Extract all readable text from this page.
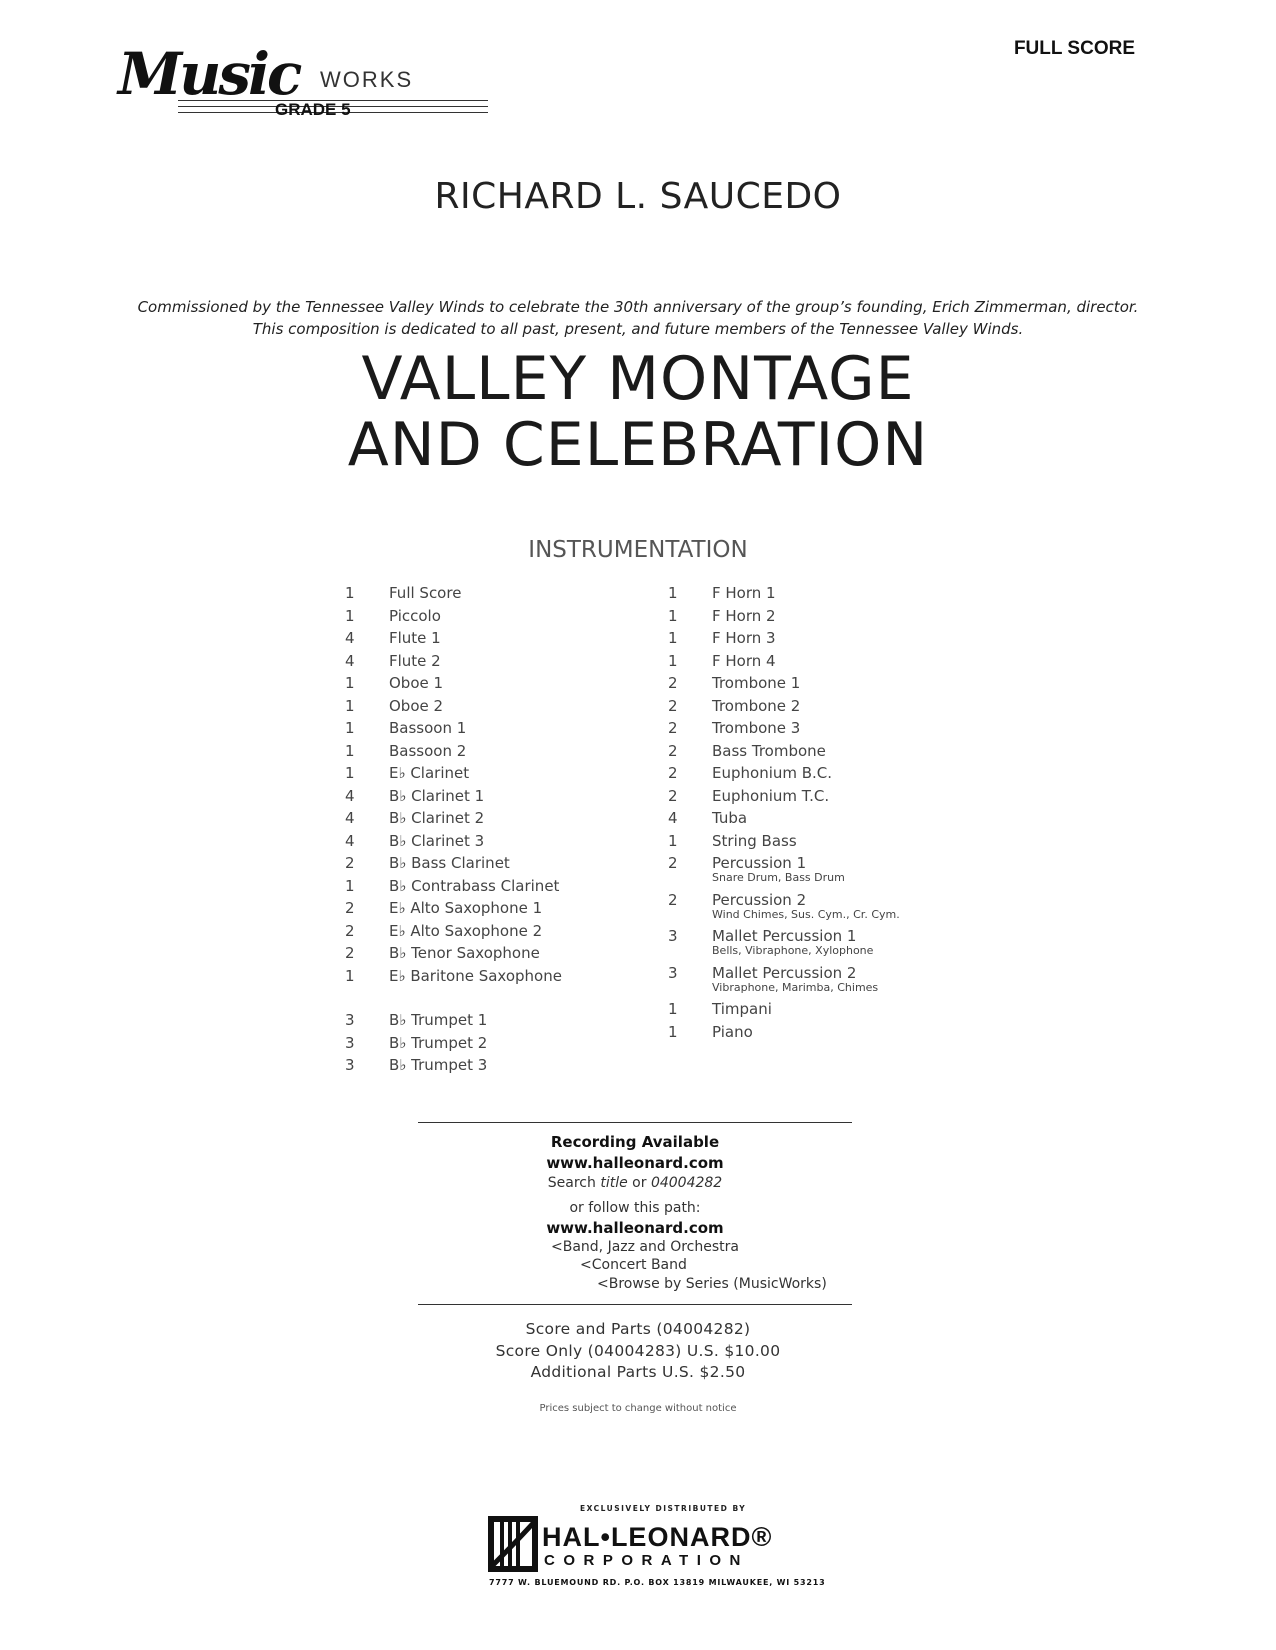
Music WORKS
GRADE 5
FULL SCORE
RICHARD L. SAUCEDO
Commissioned by the Tennessee Valley Winds to celebrate the 30th anniversary of the group’s founding, Erich Zimmerman, director.
This composition is dedicated to all past, present, and future members of the Tennessee Valley Winds.
VALLEY MONTAGE
AND CELEBRATION
INSTRUMENTATION
1	Full Score
1	Piccolo
4	Flute 1
4	Flute 2
1	Oboe 1
1	Oboe 2
1	Bassoon 1
1	Bassoon 2
1	E♭ Clarinet
4	B♭ Clarinet 1
4	B♭ Clarinet 2
4	B♭ Clarinet 3
2	B♭ Bass Clarinet
1	B♭ Contrabass Clarinet
2	E♭ Alto Saxophone 1
2	E♭ Alto Saxophone 2
2	B♭ Tenor Saxophone
1	E♭ Baritone Saxophone
3	B♭ Trumpet 1
3	B♭ Trumpet 2
3	B♭ Trumpet 3
1	F Horn 1
1	F Horn 2
1	F Horn 3
1	F Horn 4
2	Trombone 1
2	Trombone 2
2	Trombone 3
2	Bass Trombone
2	Euphonium B.C.
2	Euphonium T.C.
4	Tuba
1	String Bass
2	Percussion 1
Snare Drum, Bass Drum
2	Percussion 2
Wind Chimes, Sus. Cym., Cr. Cym.
3	Mallet Percussion 1
Bells, Vibraphone, Xylophone
3	Mallet Percussion 2
Vibraphone, Marimba, Chimes
1	Timpani
1	Piano
Recording Available
www.halleonard.com
Search title or 04004282
or follow this path:
www.halleonard.com
<Band, Jazz and Orchestra
<Concert Band
<Browse by Series (MusicWorks)
Score and Parts (04004282)
Score Only (04004283) U.S. $10.00
Additional Parts U.S. $2.50
Prices subject to change without notice
EXCLUSIVELY DISTRIBUTED BY
HAL•LEONARD®
CORPORATION
7777 W. BLUEMOUND RD. P.O. BOX 13819 MILWAUKEE, WI 53213
